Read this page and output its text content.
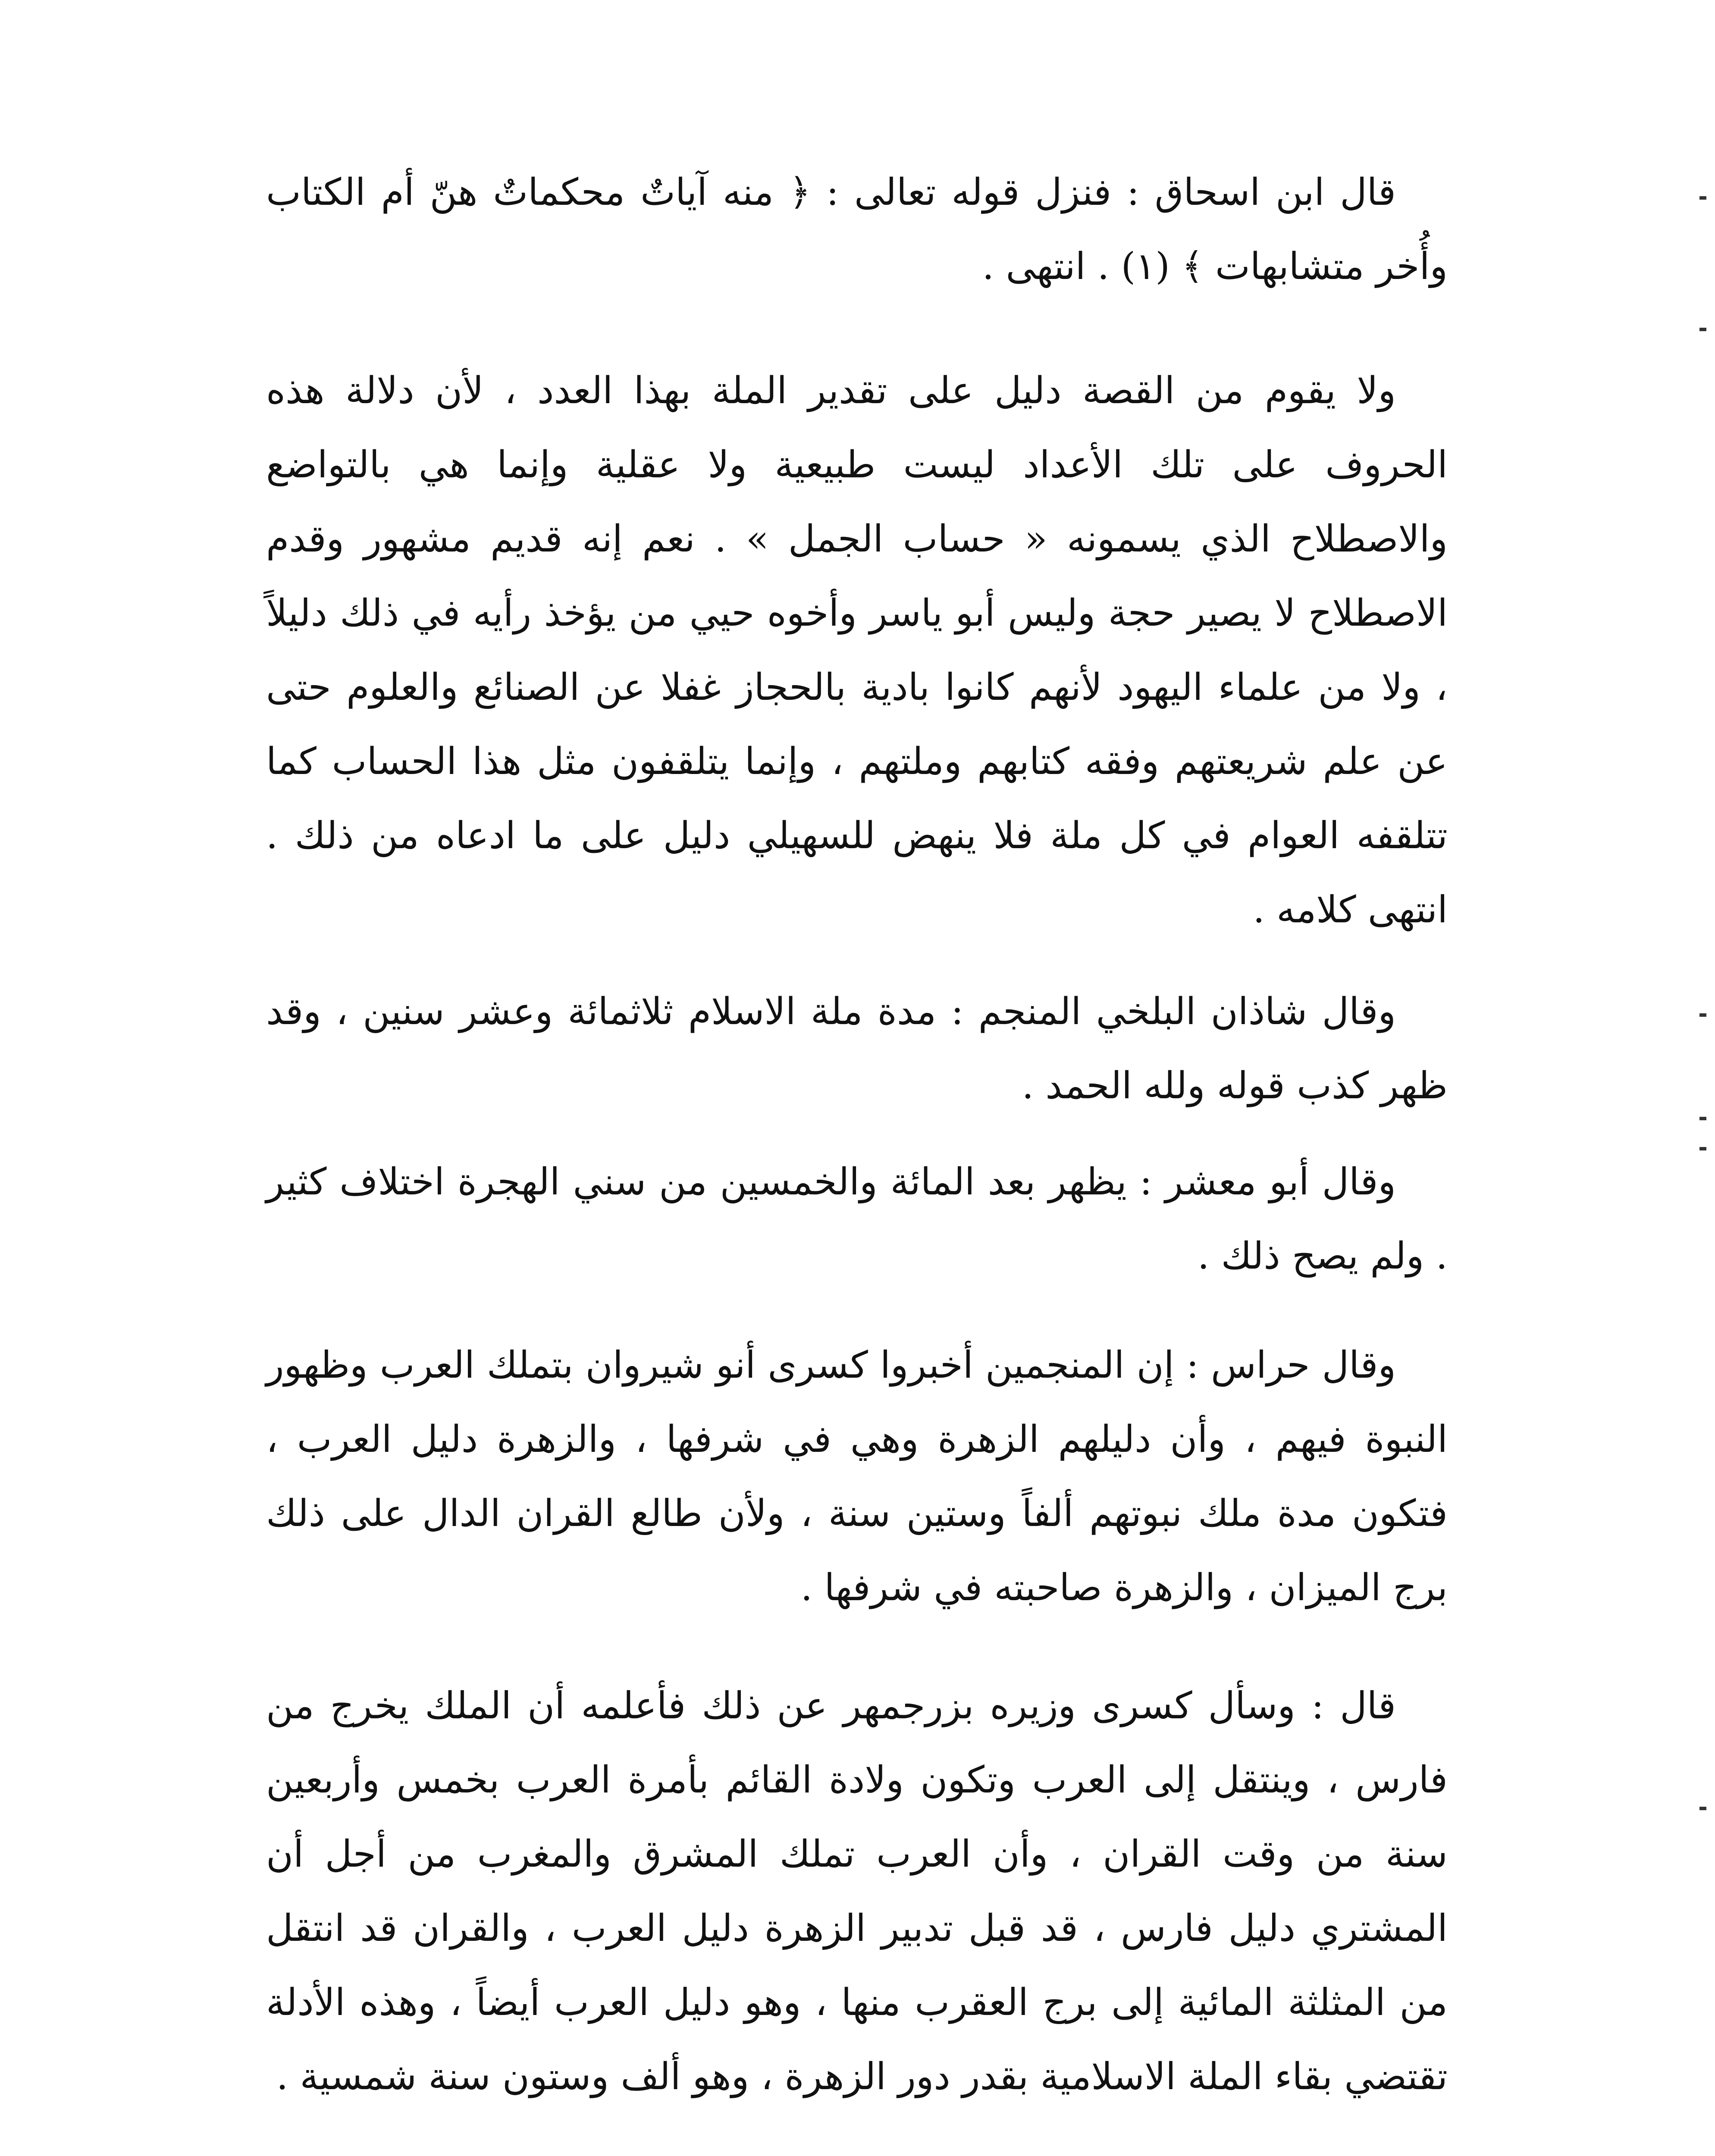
قال ابن اسحاق : فنزل قوله تعالى : ﴿ منه آياتٌ محكماتٌ هنّ أم الكتاب وأُخر متشابهات ﴾ (١) . انتهى .

ولا يقوم من القصة دليل على تقدير الملة بهذا العدد ، لأن دلالة هذه الحروف على تلك الأعداد ليست طبيعية ولا عقلية وإنما هي بالتواضع والاصطلاح الذي يسمونه « حساب الجمل » . نعم إنه قديم مشهور وقدم الاصطلاح لا يصير حجة وليس أبو ياسر وأخوه حيي من يؤخذ رأيه في ذلك دليلاً ، ولا من علماء اليهود لأنهم كانوا بادية بالحجاز غفلا عن الصنائع والعلوم حتى عن علم شريعتهم وفقه كتابهم وملتهم ، وإنما يتلقفون مثل هذا الحساب كما تتلقفه العوام في كل ملة فلا ينهض للسهيلي دليل على ما ادعاه من ذلك . انتهى كلامه .

وقال شاذان البلخي المنجم : مدة ملة الاسلام ثلاثمائة وعشر سنين ، وقد ظهر كذب قوله ولله الحمد .

وقال أبو معشر : يظهر بعد المائة والخمسين من سني الهجرة اختلاف كثير . ولم يصح ذلك .

وقال حراس : إن المنجمين أخبروا كسرى أنو شيروان بتملك العرب وظهور النبوة فيهم ، وأن دليلهم الزهرة وهي في شرفها ، والزهرة دليل العرب ، فتكون مدة ملك نبوتهم ألفاً وستين سنة ، ولأن طالع القران الدال على ذلك برج الميزان ، والزهرة صاحبته في شرفها .

قال : وسأل كسرى وزيره بزرجمهر عن ذلك فأعلمه أن الملك يخرج من فارس ، وينتقل إلى العرب وتكون ولادة القائم بأمرة العرب بخمس وأربعين سنة من وقت القران ، وأن العرب تملك المشرق والمغرب من أجل أن المشتري دليل فارس ، قد قبل تدبير الزهرة دليل العرب ، والقران قد انتقل من المثلثة المائية إلى برج العقرب منها ، وهو دليل العرب أيضاً ، وهذه الأدلة تقتضي بقاء الملة الاسلامية بقدر دور الزهرة ، وهو ألف وستون سنة شمسية .
